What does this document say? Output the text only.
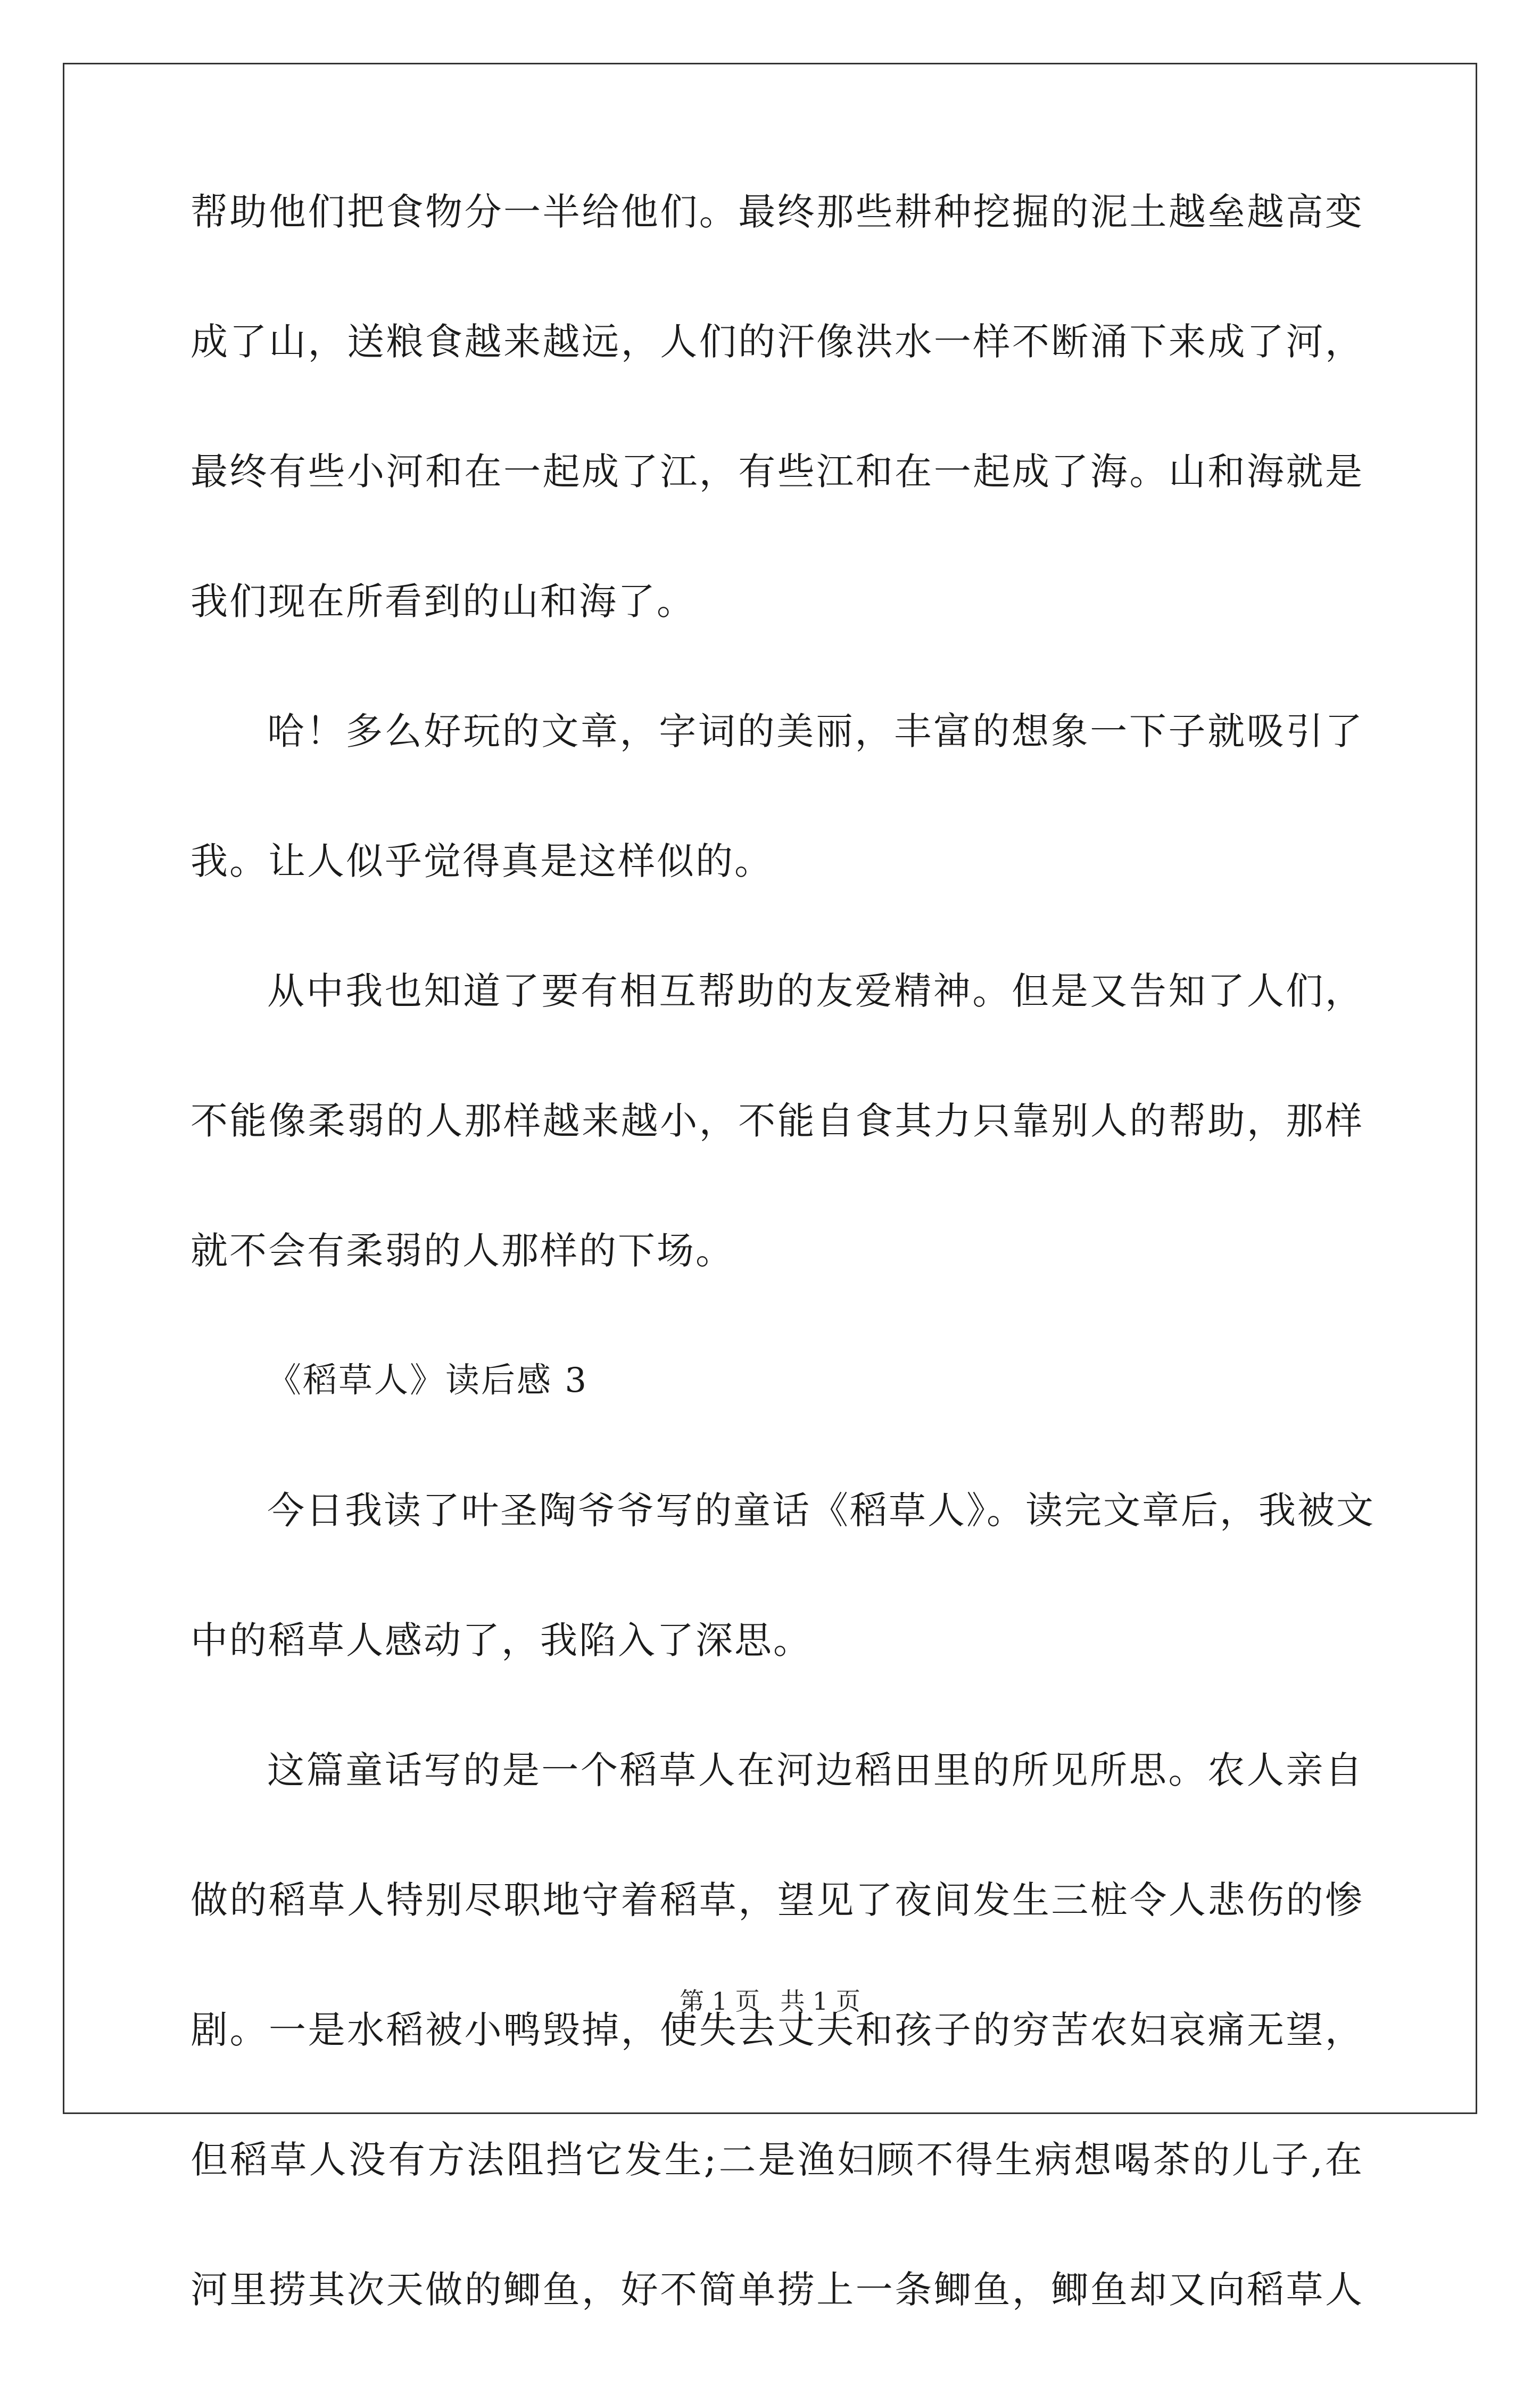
帮助他们把食物分一半给他们。最终那些耕种挖掘的泥土越垒越高变
成了山，送粮食越来越远，人们的汗像洪水一样不断涌下来成了河，
最终有些小河和在一起成了江，有些江和在一起成了海。山和海就是
我们现在所看到的山和海了。
哈！多么好玩的文章，字词的美丽，丰富的想象一下子就吸引了
我。让人似乎觉得真是这样似的。
从中我也知道了要有相互帮助的友爱精神。但是又告知了人们，
不能像柔弱的人那样越来越小，不能自食其力只靠别人的帮助，那样
就不会有柔弱的人那样的下场。
《稻草人》读后感 3
今日我读了叶圣陶爷爷写的童话《稻草人》。读完文章后，我被文
中的稻草人感动了，我陷入了深思。
这篇童话写的是一个稻草人在河边稻田里的所见所思。农人亲自
做的稻草人特别尽职地守着稻草，望见了夜间发生三桩令人悲伤的惨
剧。一是水稻被小鸭毁掉，使失去丈夫和孩子的穷苦农妇哀痛无望，
但稻草人没有方法阻挡它发生;二是渔妇顾不得生病想喝茶的儿子,在
河里捞其次天做的鲫鱼，好不简单捞上一条鲫鱼，鲫鱼却又向稻草人
第 1 页 共 1 页
